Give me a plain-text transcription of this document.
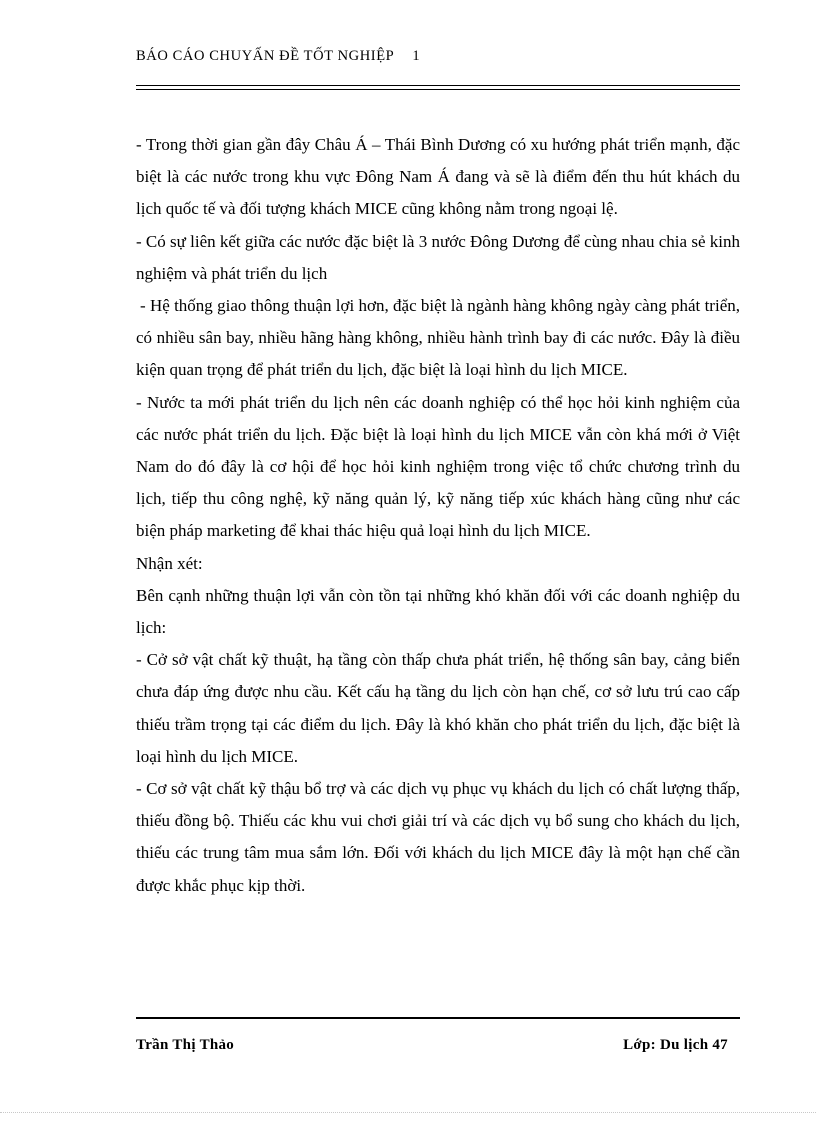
BÁO CÁO CHUYẤN ĐỀ TỐT NGHIỆP 1

- Trong thời gian gần đây Châu Á – Thái Bình Dương có xu hướng phát triển mạnh, đặc biệt là các nước trong khu vực Đông Nam Á đang và sẽ là điểm đến thu hút khách du lịch quốc tế và đối tượng khách MICE cũng không nằm trong ngoại lệ.

- Có sự liên kết giữa các nước đặc biệt là 3 nước Đông Dương để cùng nhau chia sẻ kinh nghiệm và phát triển du lịch

- Hệ thống giao thông thuận lợi hơn, đặc biệt là ngành hàng không ngày càng phát triển, có nhiều sân bay, nhiều hãng hàng không, nhiều hành trình bay đi các nước. Đây là điều kiện quan trọng để phát triển du lịch, đặc biệt là loại hình du lịch MICE.

- Nước ta mới phát triển du lịch nên các doanh nghiệp có thể học hỏi kinh nghiệm của các nước phát triển du lịch. Đặc biệt là loại hình du lịch MICE vẫn còn khá mới ở Việt Nam do đó đây là cơ hội để học hỏi kinh nghiệm trong việc tổ chức chương trình du lịch, tiếp thu công nghệ, kỹ năng quản lý, kỹ năng tiếp xúc khách hàng cũng như các biện pháp marketing để khai thác hiệu quả loại hình du lịch MICE.

Nhận xét:

Bên cạnh những thuận lợi vẫn còn tồn tại những khó khăn đối với các doanh nghiệp du lịch:

- Cở sở vật chất kỹ thuật, hạ tầng còn thấp chưa phát triển, hệ thống sân bay, cảng biển chưa đáp ứng được nhu cầu. Kết cấu hạ tầng du lịch còn hạn chế, cơ sở lưu trú cao cấp thiếu trầm trọng tại các điểm du lịch. Đây là khó khăn cho phát triển du lịch, đặc biệt là loại hình du lịch MICE.

- Cơ sở vật chất kỹ thậu bổ trợ và các dịch vụ phục vụ khách du lịch có chất lượng thấp, thiếu đồng bộ. Thiếu các khu vui chơi giải trí và các dịch vụ bổ sung cho khách du lịch, thiếu các trung tâm mua sắm lớn. Đối với khách du lịch MICE đây là một hạn chế cần được khắc phục kịp thời.

Trần Thị Thảo	Lớp: Du lịch 47
